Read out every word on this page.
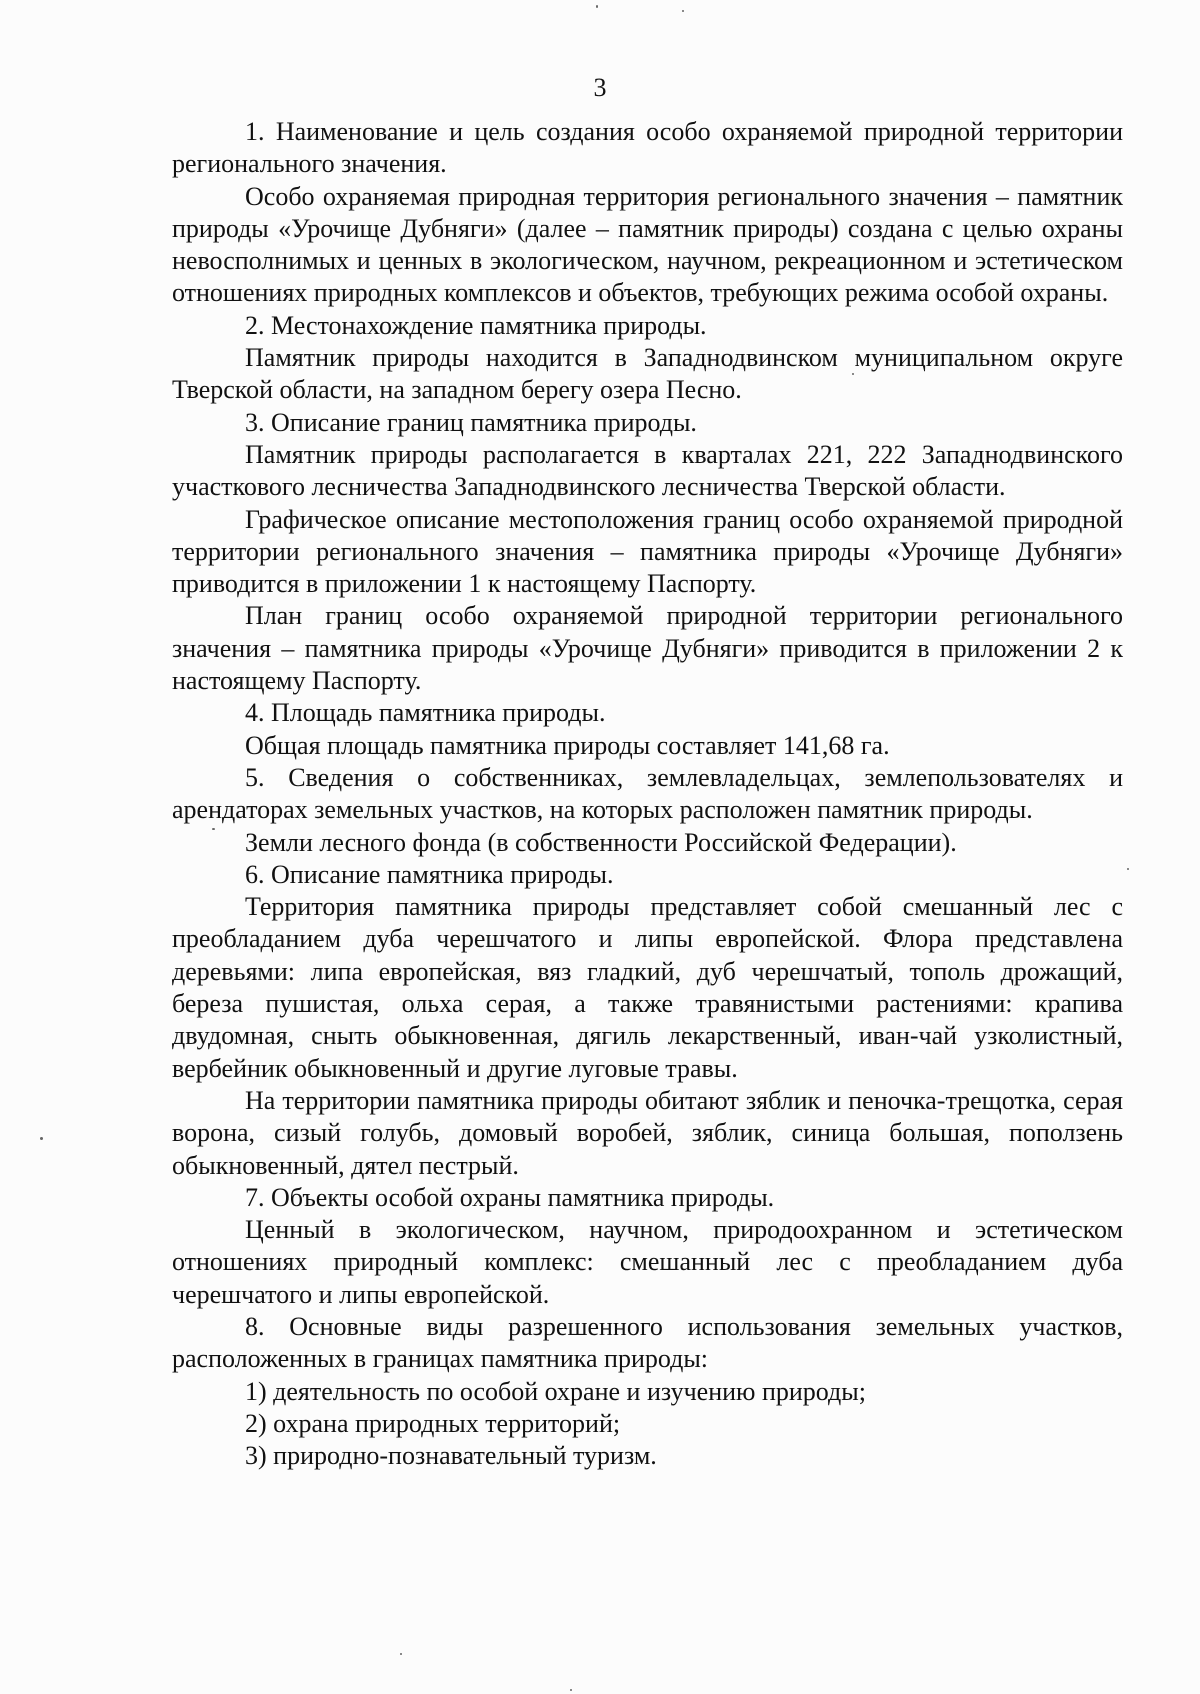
3

1. Наименование и цель создания особо охраняемой природной территории регионального значения.

Особо охраняемая природная территория регионального значения – памятник природы «Урочище Дубняги» (далее – памятник природы) создана с целью охраны невосполнимых и ценных в экологическом, научном, рекреационном и эстетическом отношениях природных комплексов и объектов, требующих режима особой охраны.

2. Местонахождение памятника природы.

Памятник природы находится в Западнодвинском муниципальном округе Тверской области, на западном берегу озера Песно.

3. Описание границ памятника природы.

Памятник природы располагается в кварталах 221, 222 Западнодвинского участкового лесничества Западнодвинского лесничества Тверской области.

Графическое описание местоположения границ особо охраняемой природной территории регионального значения – памятника природы «Урочище Дубняги» приводится в приложении 1 к настоящему Паспорту.

План границ особо охраняемой природной территории регионального значения – памятника природы «Урочище Дубняги» приводится в приложении 2 к настоящему Паспорту.

4. Площадь памятника природы.

Общая площадь памятника природы составляет 141,68 га.

5. Сведения о собственниках, землевладельцах, землепользователях и арендаторах земельных участков, на которых расположен памятник природы.

Земли лесного фонда (в собственности Российской Федерации).

6. Описание памятника природы.

Территория памятника природы представляет собой смешанный лес с преобладанием дуба черешчатого и липы европейской. Флора представлена деревьями: липа европейская, вяз гладкий, дуб черешчатый, тополь дрожащий, береза пушистая, ольха серая, а также травянистыми растениями: крапива двудомная, сныть обыкновенная, дягиль лекарственный, иван-чай узколистный, вербейник обыкновенный и другие луговые травы.

На территории памятника природы обитают зяблик и пеночка-трещотка, серая ворона, сизый голубь, домовый воробей, зяблик, синица большая, поползень обыкновенный, дятел пестрый.

7. Объекты особой охраны памятника природы.

Ценный в экологическом, научном, природоохранном и эстетическом отношениях природный комплекс: смешанный лес с преобладанием дуба черешчатого и липы европейской.

8. Основные виды разрешенного использования земельных участков, расположенных в границах памятника природы:

1) деятельность по особой охране и изучению природы;

2) охрана природных территорий;

3) природно-познавательный туризм.
